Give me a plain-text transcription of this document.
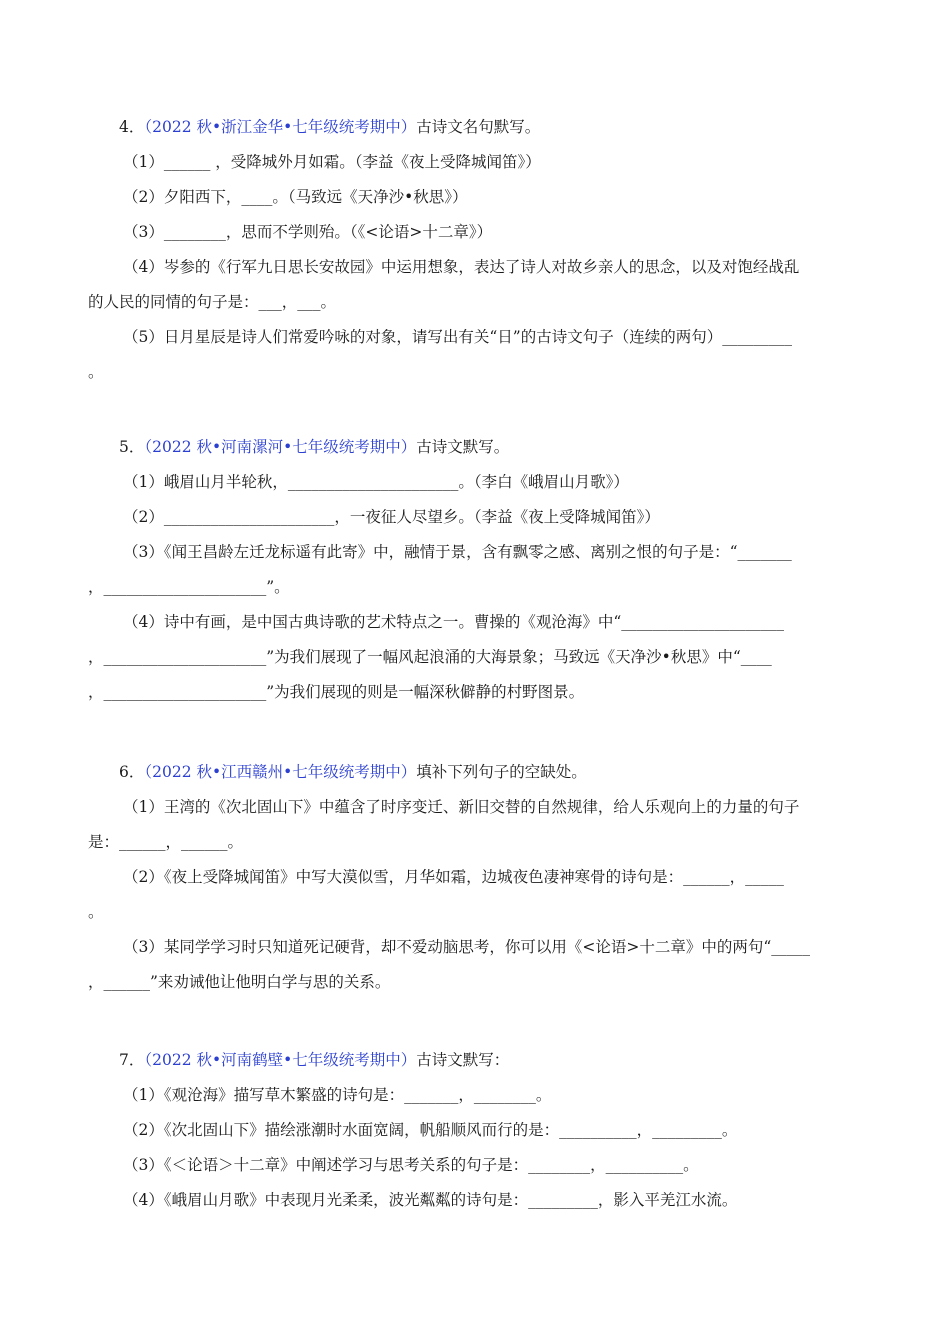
4．（2022 秋•浙江金华•七年级统考期中）古诗文名句默写。
（1）______ ，受降城外月如霜。（李益《夜上受降城闻笛》）
（2）夕阳西下，____。（马致远《天净沙•秋思》）
（3）________，思而不学则殆。（《<论语>十二章》）
（4）岑参的《行军九日思长安故园》中运用想象，表达了诗人对故乡亲人的思念，以及对饱经战乱
的人民的同情的句子是：___，___。
（5）日月星辰是诗人们常爱吟咏的对象，请写出有关“日”的古诗文句子（连续的两句）_________
。
5．（2022 秋•河南漯河•七年级统考期中）古诗文默写。
（1）峨眉山月半轮秋，______________________。（李白《峨眉山月歌》）
（2）______________________，一夜征人尽望乡。（李益《夜上受降城闻笛》）
（3）《闻王昌龄左迁龙标遥有此寄》中，融情于景，含有飘零之感、离别之恨的句子是：“_______
，_____________________”。
（4）诗中有画，是中国古典诗歌的艺术特点之一。曹操的《观沧海》中“_____________________
，_____________________”为我们展现了一幅风起浪涌的大海景象；马致远《天净沙•秋思》中“____
，_____________________”为我们展现的则是一幅深秋僻静的村野图景。
6．（2022 秋•江西赣州•七年级统考期中）填补下列句子的空缺处。
（1）王湾的《次北固山下》中蕴含了时序变迁、新旧交替的自然规律，给人乐观向上的力量的句子
是：______，______。
（2）《夜上受降城闻笛》中写大漠似雪，月华如霜，边城夜色凄神寒骨的诗句是：______，_____
。
（3）某同学学习时只知道死记硬背，却不爱动脑思考，你可以用《<论语>十二章》中的两句“_____
，______”来劝诫他让他明白学与思的关系。
7．（2022 秋•河南鹤壁•七年级统考期中）古诗文默写：
（1）《观沧海》描写草木繁盛的诗句是：_______，________。
（2）《次北固山下》描绘涨潮时水面宽阔，帆船顺风而行的是：__________，_________。
（3）《＜论语＞十二章》中阐述学习与思考关系的句子是：________，__________。
（4）《峨眉山月歌》中表现月光柔柔，波光粼粼的诗句是：_________，影入平羌江水流。
